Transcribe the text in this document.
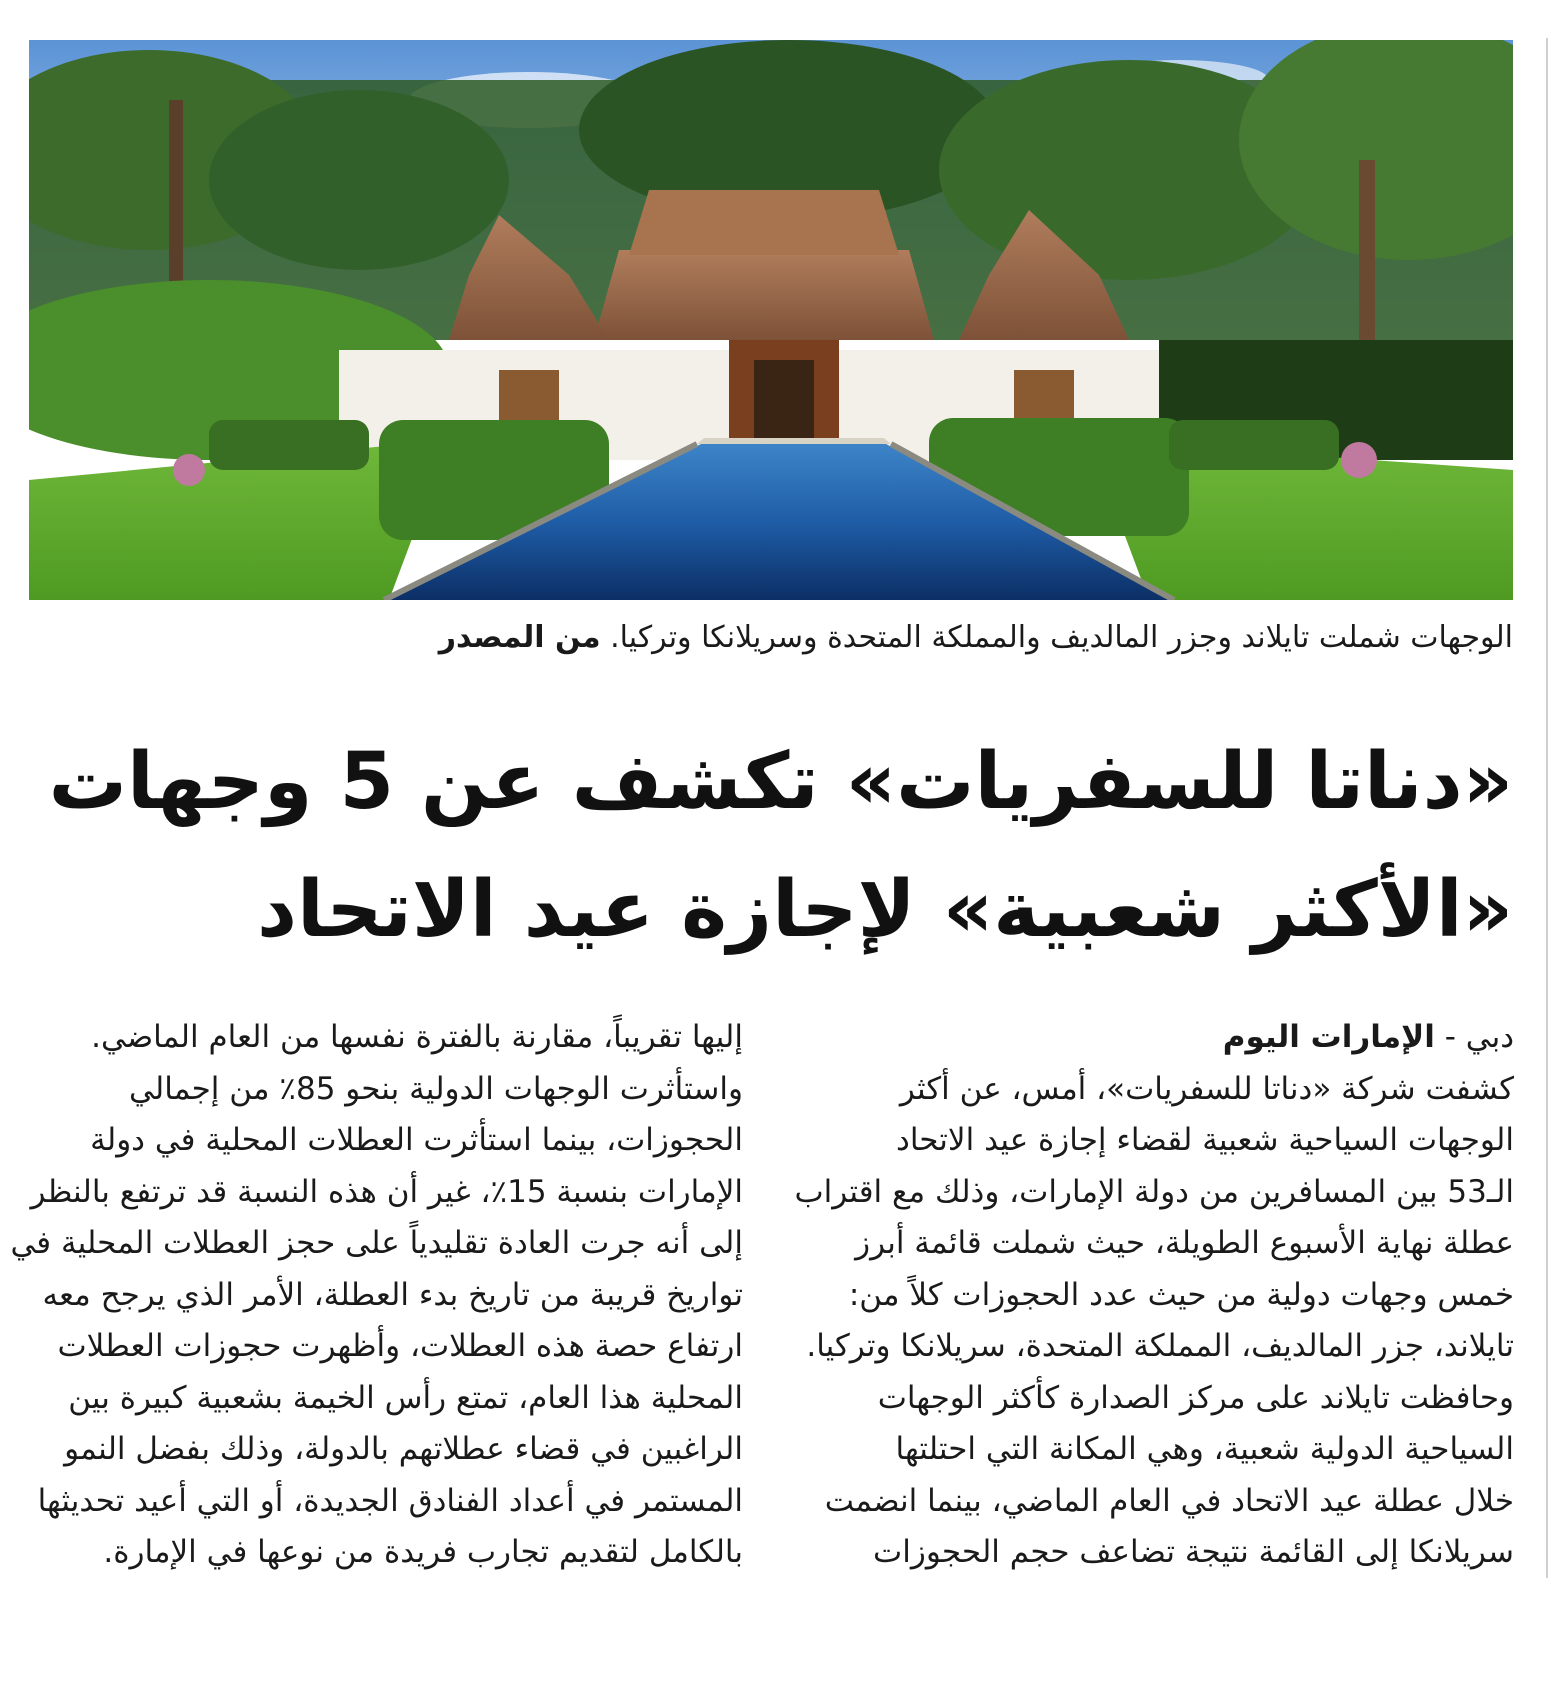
الوجهات شملت تايلاند وجزر المالديف والمملكة المتحدة وسريلانكا وتركيا. من المصدر
«دناتا للسفريات» تكشف عن 5 وجهات
«الأكثر شعبية» لإجازة عيد الاتحاد
دبي - الإمارات اليوم
كشفت شركة «دناتا للسفريات»، أمس، عن أكثر
الوجهات السياحية شعبية لقضاء إجازة عيد الاتحاد
الـ53 بين المسافرين من دولة الإمارات، وذلك مع اقتراب
عطلة نهاية الأسبوع الطويلة، حيث شملت قائمة أبرز
خمس وجهات دولية من حيث عدد الحجوزات كلاً من:
تايلاند، جزر المالديف، المملكة المتحدة، سريلانكا وتركيا.
وحافظت تايلاند على مركز الصدارة كأكثر الوجهات
السياحية الدولية شعبية، وهي المكانة التي احتلتها
خلال عطلة عيد الاتحاد في العام الماضي، بينما انضمت
سريلانكا إلى القائمة نتيجة تضاعف حجم الحجوزات
إليها تقريباً، مقارنة بالفترة نفسها من العام الماضي.
واستأثرت الوجهات الدولية بنحو 85٪ من إجمالي
الحجوزات، بينما استأثرت العطلات المحلية في دولة
الإمارات بنسبة 15٪، غير أن هذه النسبة قد ترتفع بالنظر
إلى أنه جرت العادة تقليدياً على حجز العطلات المحلية في
تواريخ قريبة من تاريخ بدء العطلة، الأمر الذي يرجح معه
ارتفاع حصة هذه العطلات، وأظهرت حجوزات العطلات
المحلية هذا العام، تمتع رأس الخيمة بشعبية كبيرة بين
الراغبين في قضاء عطلاتهم بالدولة، وذلك بفضل النمو
المستمر في أعداد الفنادق الجديدة، أو التي أعيد تحديثها
بالكامل لتقديم تجارب فريدة من نوعها في الإمارة.
